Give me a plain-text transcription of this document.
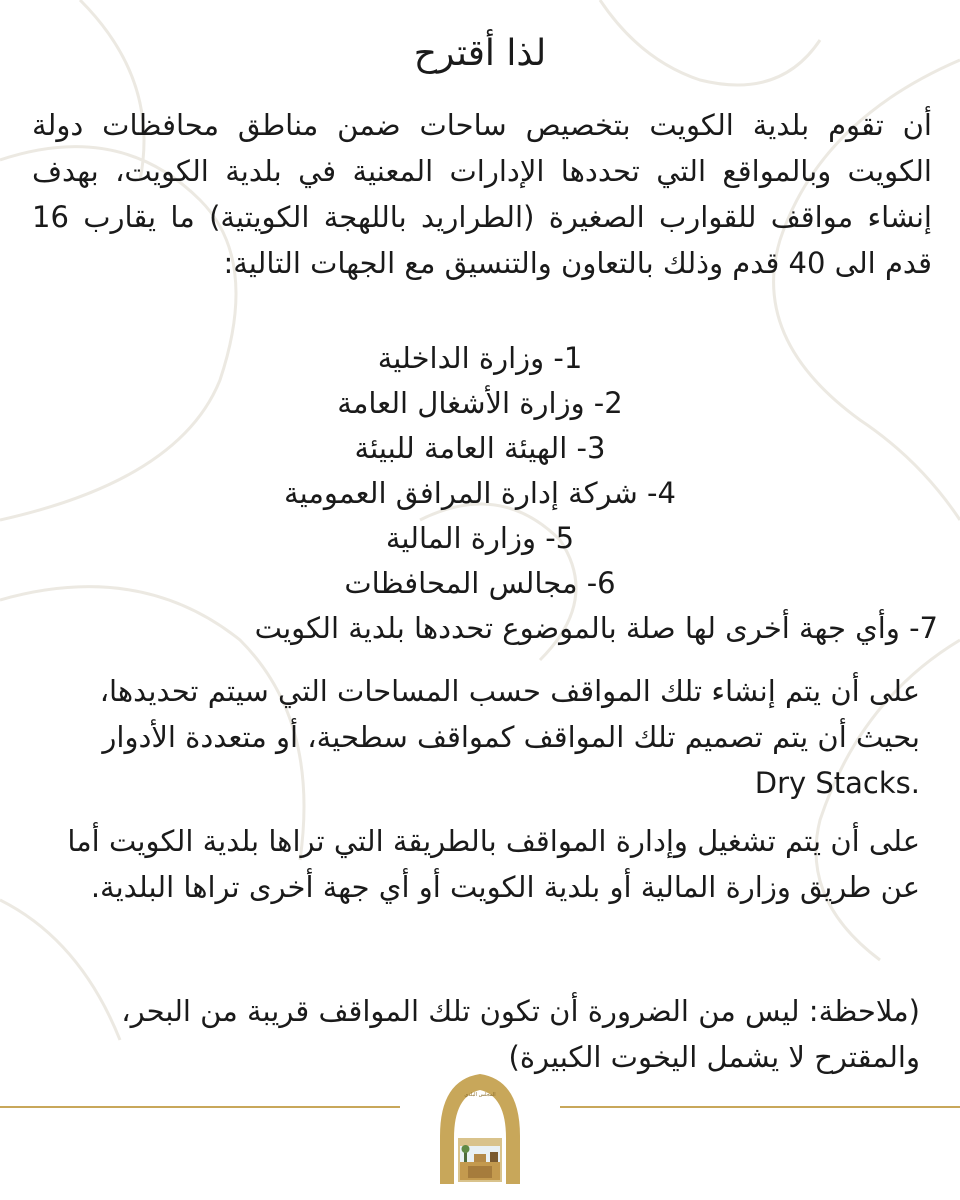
لذا أقترح
أن تقوم بلدية الكويت بتخصيص ساحات ضمن مناطق محافظات دولة الكويت وبالمواقع التي تحددها الإدارات المعنية في بلدية الكويت، بهدف إنشاء مواقف للقوارب الصغيرة (الطراريد باللهجة الكويتية) ما يقارب 16 قدم الى 40 قدم وذلك بالتعاون والتنسيق مع الجهات التالية:
1- وزارة الداخلية
2- وزارة الأشغال العامة
3- الهيئة العامة للبيئة
4- شركة إدارة المرافق العمومية
5- وزارة المالية
6- مجالس المحافظات
7- وأي جهة أخرى لها صلة بالموضوع تحددها بلدية الكويت
على أن يتم إنشاء تلك المواقف حسب المساحات التي سيتم تحديدها، بحيث أن يتم تصميم تلك المواقف كمواقف سطحية، أو متعددة الأدوار .Dry Stacks
على أن يتم تشغيل وإدارة المواقف بالطريقة التي تراها بلدية الكويت أما عن طريق وزارة المالية أو بلدية الكويت أو أي جهة أخرى تراها البلدية.
(ملاحظة: ليس من الضرورة أن تكون تلك المواقف قريبة من البحر، والمقترح لا يشمل اليخوت الكبيرة)
المجلس البلدي
